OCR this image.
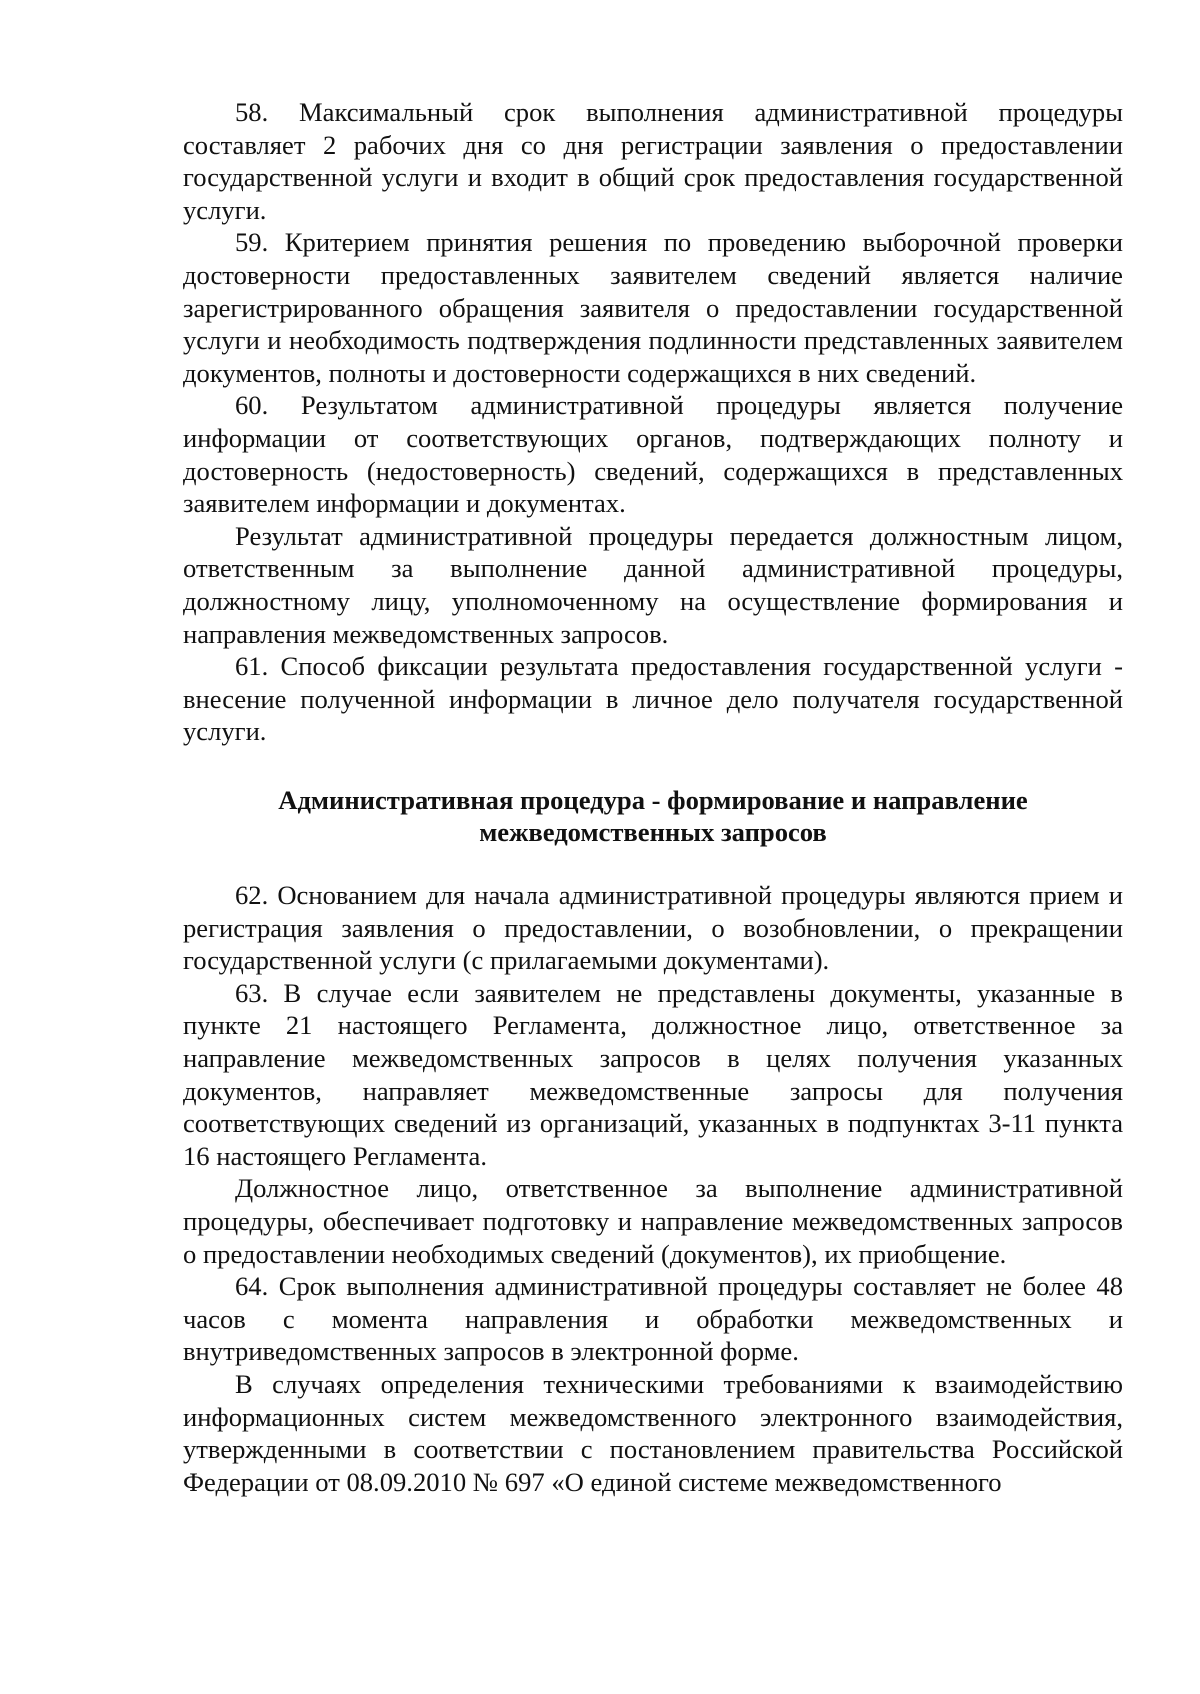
58. Максимальный срок выполнения административной процедуры составляет 2 рабочих дня со дня регистрации заявления о предоставлении государственной услуги и входит в общий срок предоставления государственной услуги.

59. Критерием принятия решения по проведению выборочной проверки достоверности предоставленных заявителем сведений является наличие зарегистрированного обращения заявителя о предоставлении государственной услуги и необходимость подтверждения подлинности представленных заявителем документов, полноты и достоверности содержащихся в них сведений.

60. Результатом административной процедуры является получение информации от соответствующих органов, подтверждающих полноту и достоверность (недостоверность) сведений, содержащихся в представленных заявителем информации и документах.

Результат административной процедуры передается должностным лицом, ответственным за выполнение данной административной процедуры, должностному лицу, уполномоченному на осуществление формирования и направления межведомственных запросов.

61. Способ фиксации результата предоставления государственной услуги - внесение полученной информации в личное дело получателя государственной услуги.

Административная процедура - формирование и направление

межведомственных запросов

62. Основанием для начала административной процедуры являются прием и регистрация заявления о предоставлении, о возобновлении, о прекращении государственной услуги (с прилагаемыми документами).

63. В случае если заявителем не представлены документы, указанные в пункте 21 настоящего Регламента, должностное лицо, ответственное за направление межведомственных запросов в целях получения указанных документов, направляет межведомственные запросы для получения соответствующих сведений из организаций, указанных в подпунктах 3-11 пункта 16 настоящего Регламента.

Должностное лицо, ответственное за выполнение административной процедуры, обеспечивает подготовку и направление межведомственных запросов о предоставлении необходимых сведений (документов), их приобщение.

64. Срок выполнения административной процедуры составляет не более 48 часов с момента направления и обработки межведомственных и внутриведомственных запросов в электронной форме.

В случаях определения техническими требованиями к взаимодействию информационных систем межведомственного электронного взаимодействия, утвержденными в соответствии с постановлением правительства Российской Федерации от 08.09.2010 № 697 «О единой системе межведомственного
